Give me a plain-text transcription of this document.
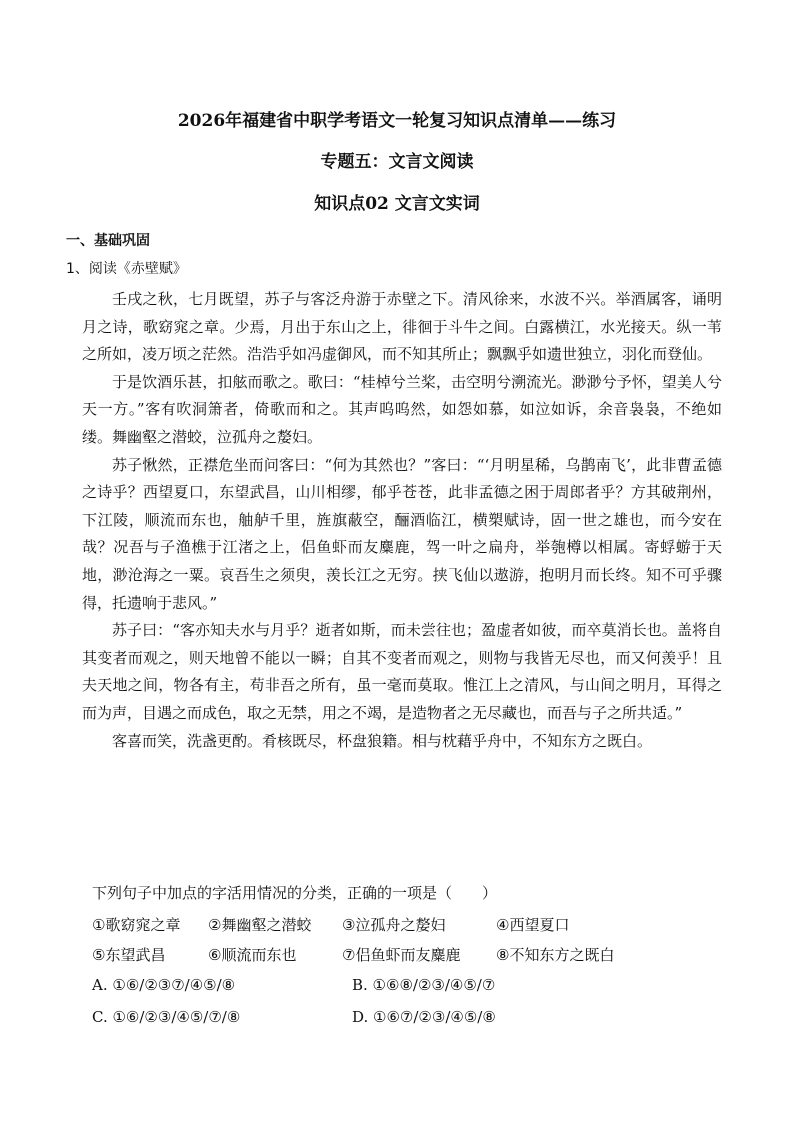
2026年福建省中职学考语文一轮复习知识点清单——练习
专题五：文言文阅读
知识点02 文言文实词
一、基础巩固
1、阅读《赤壁赋》

壬戌之秋，七月既望，苏子与客泛舟游于赤壁之下。清风徐来，水波不兴。举酒属客，诵明月之诗，歌窈窕之章。少焉，月出于东山之上，徘徊于斗牛之间。白露横江，水光接天。纵一苇之所如，凌万顷之茫然。浩浩乎如冯虚御风，而不知其所止；飘飘乎如遗世独立，羽化而登仙。

于是饮酒乐甚，扣舷而歌之。歌曰：“桂棹兮兰桨，击空明兮溯流光。渺渺兮予怀，望美人兮天一方。”客有吹洞箫者，倚歌而和之。其声呜呜然，如怨如慕，如泣如诉，余音袅袅，不绝如缕。舞幽壑之潜蛟，泣孤舟之嫠妇。

苏子愀然，正襟危坐而问客曰：“何为其然也？”客曰：“‘月明星稀，乌鹊南飞’，此非曹孟德之诗乎？西望夏口，东望武昌，山川相缪，郁乎苍苍，此非孟德之困于周郎者乎？方其破荆州，下江陵，顺流而东也，舳舻千里，旌旗蔽空，酾酒临江，横槊赋诗，固一世之雄也，而今安在哉？况吾与子渔樵于江渚之上，侣鱼虾而友麋鹿，驾一叶之扁舟，举匏樽以相属。寄蜉蝣于天地，渺沧海之一粟。哀吾生之须臾，羡长江之无穷。挟飞仙以遨游，抱明月而长终。知不可乎骤得，托遗响于悲风。”

苏子曰：“客亦知夫水与月乎？逝者如斯，而未尝往也；盈虚者如彼，而卒莫消长也。盖将自其变者而观之，则天地曾不能以一瞬；自其不变者而观之，则物与我皆无尽也，而又何羡乎！且夫天地之间，物各有主，苟非吾之所有，虽一毫而莫取。惟江上之清风，与山间之明月，耳得之而为声，目遇之而成色，取之无禁，用之不竭，是造物者之无尽藏也，而吾与子之所共适。”

客喜而笑，洗盏更酌。肴核既尽，杯盘狼籍。相与枕藉乎舟中，不知东方之既白。

下列句子中加点的字活用情况的分类，正确的一项是（　　）
①歌窈窕之章 ②舞幽壑之潜蛟 ③泣孤舟之嫠妇	④西望夏口
⑤东望武昌	⑥顺流而东也	⑦侣鱼虾而友麋鹿 ⑧不知东方之既白
A. ①⑥/②③⑦/④⑤/⑧	B. ①⑥⑧/②③/④⑤/⑦
C. ①⑥/②③/④⑤/⑦/⑧	D. ①⑥⑦/②③/④⑤/⑧
